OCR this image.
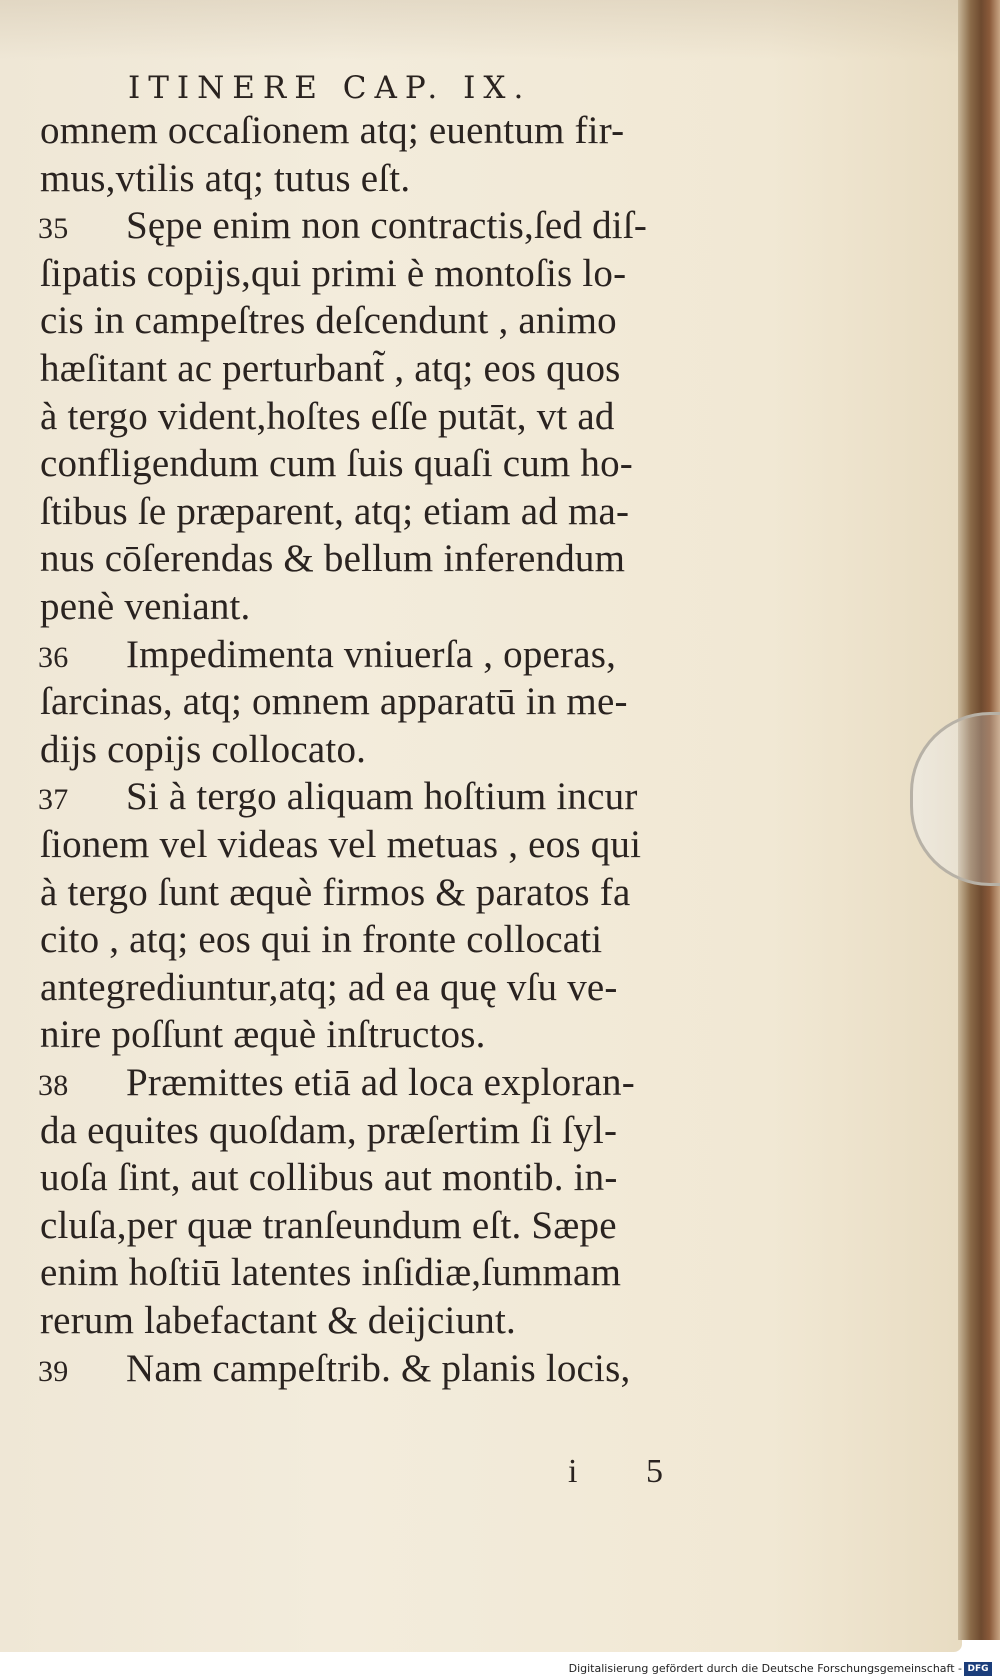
ITINERE CAP. IX.
omnem occaſionem atq; euentum fir-
mus,vtilis atq; tutus eſt.
35 Sępe enim non contractis,ſed diſ-
ſipatis copijs,qui primi è montoſis lo-
cis in campeſtres deſcendunt , animo
hæſitant ac perturbant̃ , atq; eos quos
à tergo vident,hoſtes eſſe putāt, vt ad
confligendum cum ſuis quaſi cum ho-
ſtibus ſe præparent, atq; etiam ad ma-
nus cōſerendas & bellum inferendum
penè veniant.
36 Impedimenta vniuerſa , operas,
ſarcinas, atq; omnem apparatū in me-
dijs copijs collocato.
37 Si à tergo aliquam hoſtium incur
ſionem vel videas vel metuas , eos qui
à tergo ſunt æquè firmos & paratos fa
cito , atq; eos qui in fronte collocati
antegrediuntur,atq; ad ea quę vſu ve-
nire poſſunt æquè inſtructos.
38 Præmittes etiā ad loca exploran-
da equites quoſdam, prӕſertim ſi ſyl-
uoſa ſint, aut collibus aut montib. in-
cluſa,per quæ tranſeundum eſt. Sæpe
enim hoſtiū latentes inſidiæ,ſummam
rerum labefactant & deijciunt.
39 Nam campeſtrib. & planis locis,
i 5
Digitalisierung gefördert durch die Deutsche Forschungsgemeinschaft - DFG
